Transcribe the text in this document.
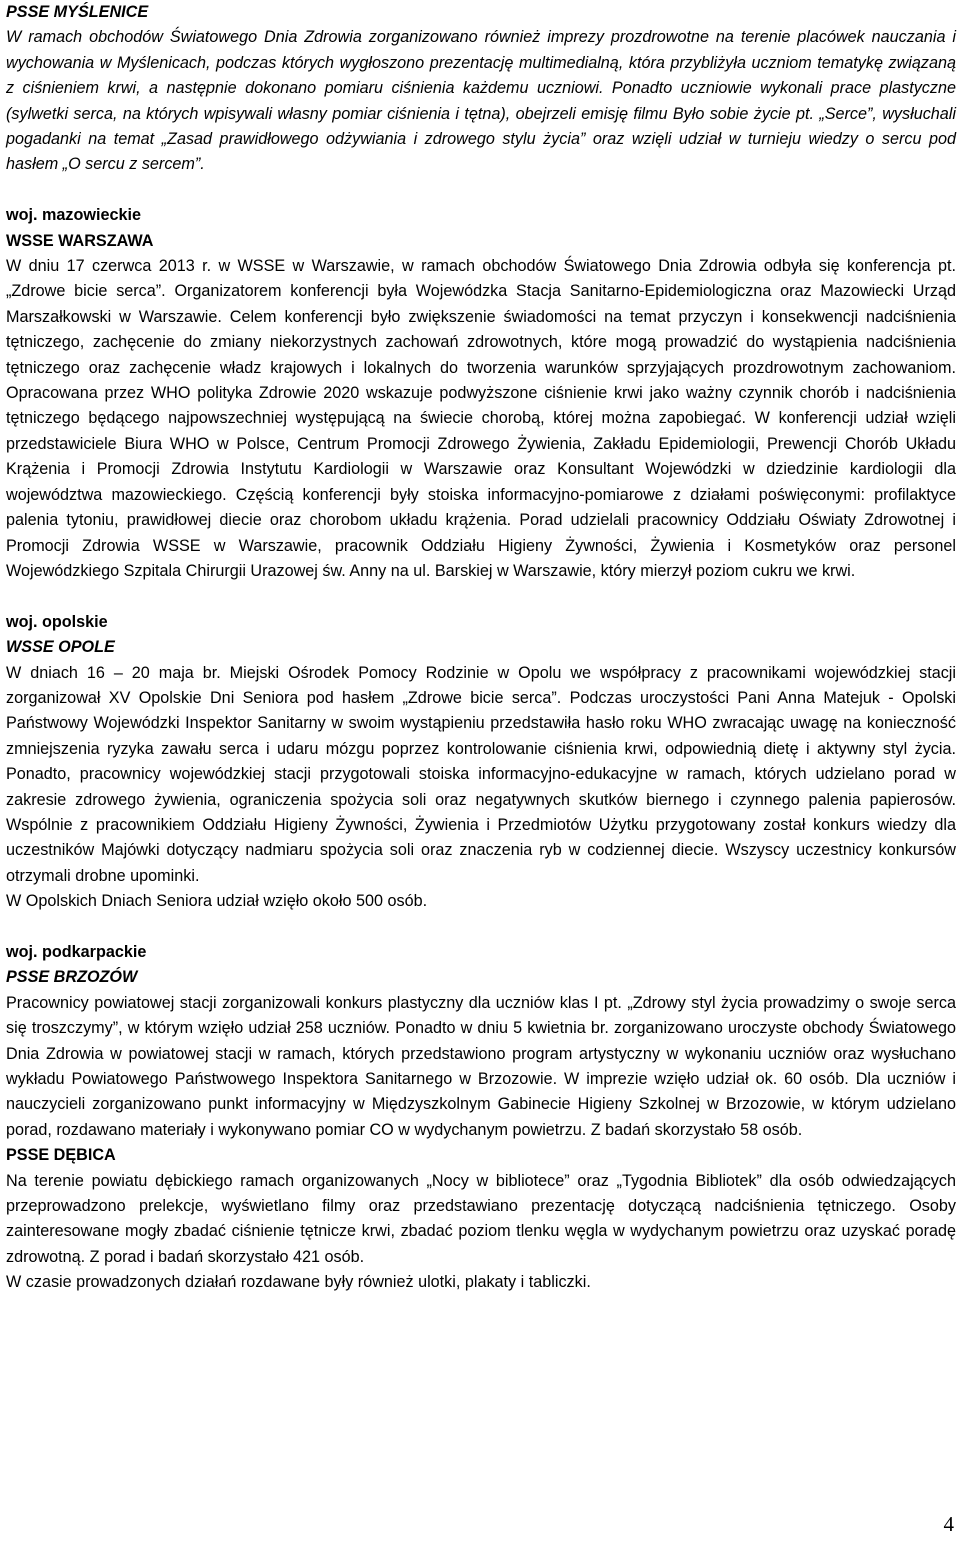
PSSE MYŚLENICE

W ramach obchodów Światowego Dnia Zdrowia zorganizowano również imprezy prozdrowotne na terenie placówek nauczania i wychowania w Myślenicach, podczas których wygłoszono prezentację multimedialną, która przybliżyła uczniom tematykę związaną z ciśnieniem krwi, a następnie dokonano pomiaru ciśnienia każdemu uczniowi. Ponadto uczniowie wykonali prace plastyczne (sylwetki serca, na których wpisywali własny pomiar ciśnienia i tętna), obejrzeli emisję filmu Było sobie życie pt. „Serce”, wysłuchali pogadanki na temat „Zasad prawidłowego odżywiania i zdrowego stylu życia” oraz wzięli udział w turnieju wiedzy o sercu pod hasłem „O sercu z sercem”.

woj. mazowieckie

WSSE WARSZAWA

W dniu 17 czerwca 2013 r. w WSSE w Warszawie, w ramach obchodów Światowego Dnia Zdrowia odbyła się konferencja pt. „Zdrowe bicie serca”. Organizatorem konferencji była Wojewódzka Stacja Sanitarno-Epidemiologiczna oraz Mazowiecki Urząd Marszałkowski w Warszawie. Celem konferencji było zwiększenie świadomości na temat przyczyn i konsekwencji nadciśnienia tętniczego, zachęcenie do zmiany niekorzystnych zachowań zdrowotnych, które mogą prowadzić do wystąpienia nadciśnienia tętniczego oraz zachęcenie władz krajowych i lokalnych do tworzenia warunków sprzyjających prozdrowotnym zachowaniom. Opracowana przez WHO polityka Zdrowie 2020 wskazuje podwyższone ciśnienie krwi jako ważny czynnik chorób i nadciśnienia tętniczego będącego najpowszechniej występującą na świecie chorobą, której można zapobiegać. W konferencji udział wzięli przedstawiciele Biura WHO w Polsce, Centrum Promocji Zdrowego Żywienia, Zakładu Epidemiologii, Prewencji Chorób Układu Krążenia i Promocji Zdrowia Instytutu Kardiologii w Warszawie oraz Konsultant Wojewódzki w dziedzinie kardiologii dla województwa mazowieckiego. Częścią konferencji były stoiska informacyjno-pomiarowe z działami poświęconymi: profilaktyce palenia tytoniu, prawidłowej diecie oraz chorobom układu krążenia. Porad udzielali pracownicy Oddziału Oświaty Zdrowotnej i Promocji Zdrowia WSSE w Warszawie, pracownik Oddziału Higieny Żywności, Żywienia i Kosmetyków oraz personel Wojewódzkiego Szpitala Chirurgii Urazowej św. Anny na ul. Barskiej w Warszawie, który mierzył poziom cukru we krwi.

woj. opolskie

WSSE OPOLE

W dniach 16 – 20 maja br. Miejski Ośrodek Pomocy Rodzinie w Opolu we współpracy z pracownikami wojewódzkiej stacji zorganizował XV Opolskie Dni Seniora pod hasłem „Zdrowe bicie serca”. Podczas uroczystości Pani Anna Matejuk - Opolski Państwowy Wojewódzki Inspektor Sanitarny w swoim wystąpieniu przedstawiła hasło roku WHO zwracając uwagę na konieczność zmniejszenia ryzyka zawału serca i udaru mózgu poprzez kontrolowanie ciśnienia krwi, odpowiednią dietę i aktywny styl życia. Ponadto, pracownicy wojewódzkiej stacji przygotowali stoiska informacyjno-edukacyjne w ramach, których udzielano porad w zakresie zdrowego żywienia, ograniczenia spożycia soli oraz negatywnych skutków biernego i czynnego palenia papierosów. Wspólnie z pracownikiem Oddziału Higieny Żywności, Żywienia i Przedmiotów Użytku przygotowany został konkurs wiedzy dla uczestników Majówki dotyczący nadmiaru spożycia soli oraz znaczenia ryb w codziennej diecie. Wszyscy uczestnicy konkursów otrzymali drobne upominki.

W Opolskich Dniach Seniora udział wzięło około 500 osób.

woj. podkarpackie

PSSE BRZOZÓW

Pracownicy powiatowej stacji zorganizowali konkurs plastyczny dla uczniów klas I pt. „Zdrowy styl życia prowadzimy o swoje serca się troszczymy”, w którym wzięło udział 258 uczniów. Ponadto w dniu 5 kwietnia br. zorganizowano uroczyste obchody Światowego Dnia Zdrowia w powiatowej stacji w ramach, których przedstawiono program artystyczny w wykonaniu uczniów oraz wysłuchano wykładu Powiatowego Państwowego Inspektora Sanitarnego w Brzozowie. W imprezie wzięło udział ok. 60 osób. Dla uczniów i nauczycieli zorganizowano punkt informacyjny w Międzyszkolnym Gabinecie Higieny Szkolnej w Brzozowie, w którym udzielano porad, rozdawano materiały i wykonywano pomiar CO w wydychanym powietrzu. Z badań skorzystało 58 osób.

PSSE DĘBICA

Na terenie powiatu dębickiego ramach organizowanych „Nocy w bibliotece” oraz „Tygodnia Bibliotek” dla osób odwiedzających przeprowadzono prelekcje, wyświetlano filmy oraz przedstawiano prezentację dotyczącą nadciśnienia tętniczego. Osoby zainteresowane mogły zbadać ciśnienie tętnicze krwi, zbadać poziom tlenku węgla w wydychanym powietrzu oraz uzyskać poradę zdrowotną. Z porad i badań skorzystało 421 osób.

W czasie prowadzonych działań rozdawane były również ulotki, plakaty i tabliczki.

4
